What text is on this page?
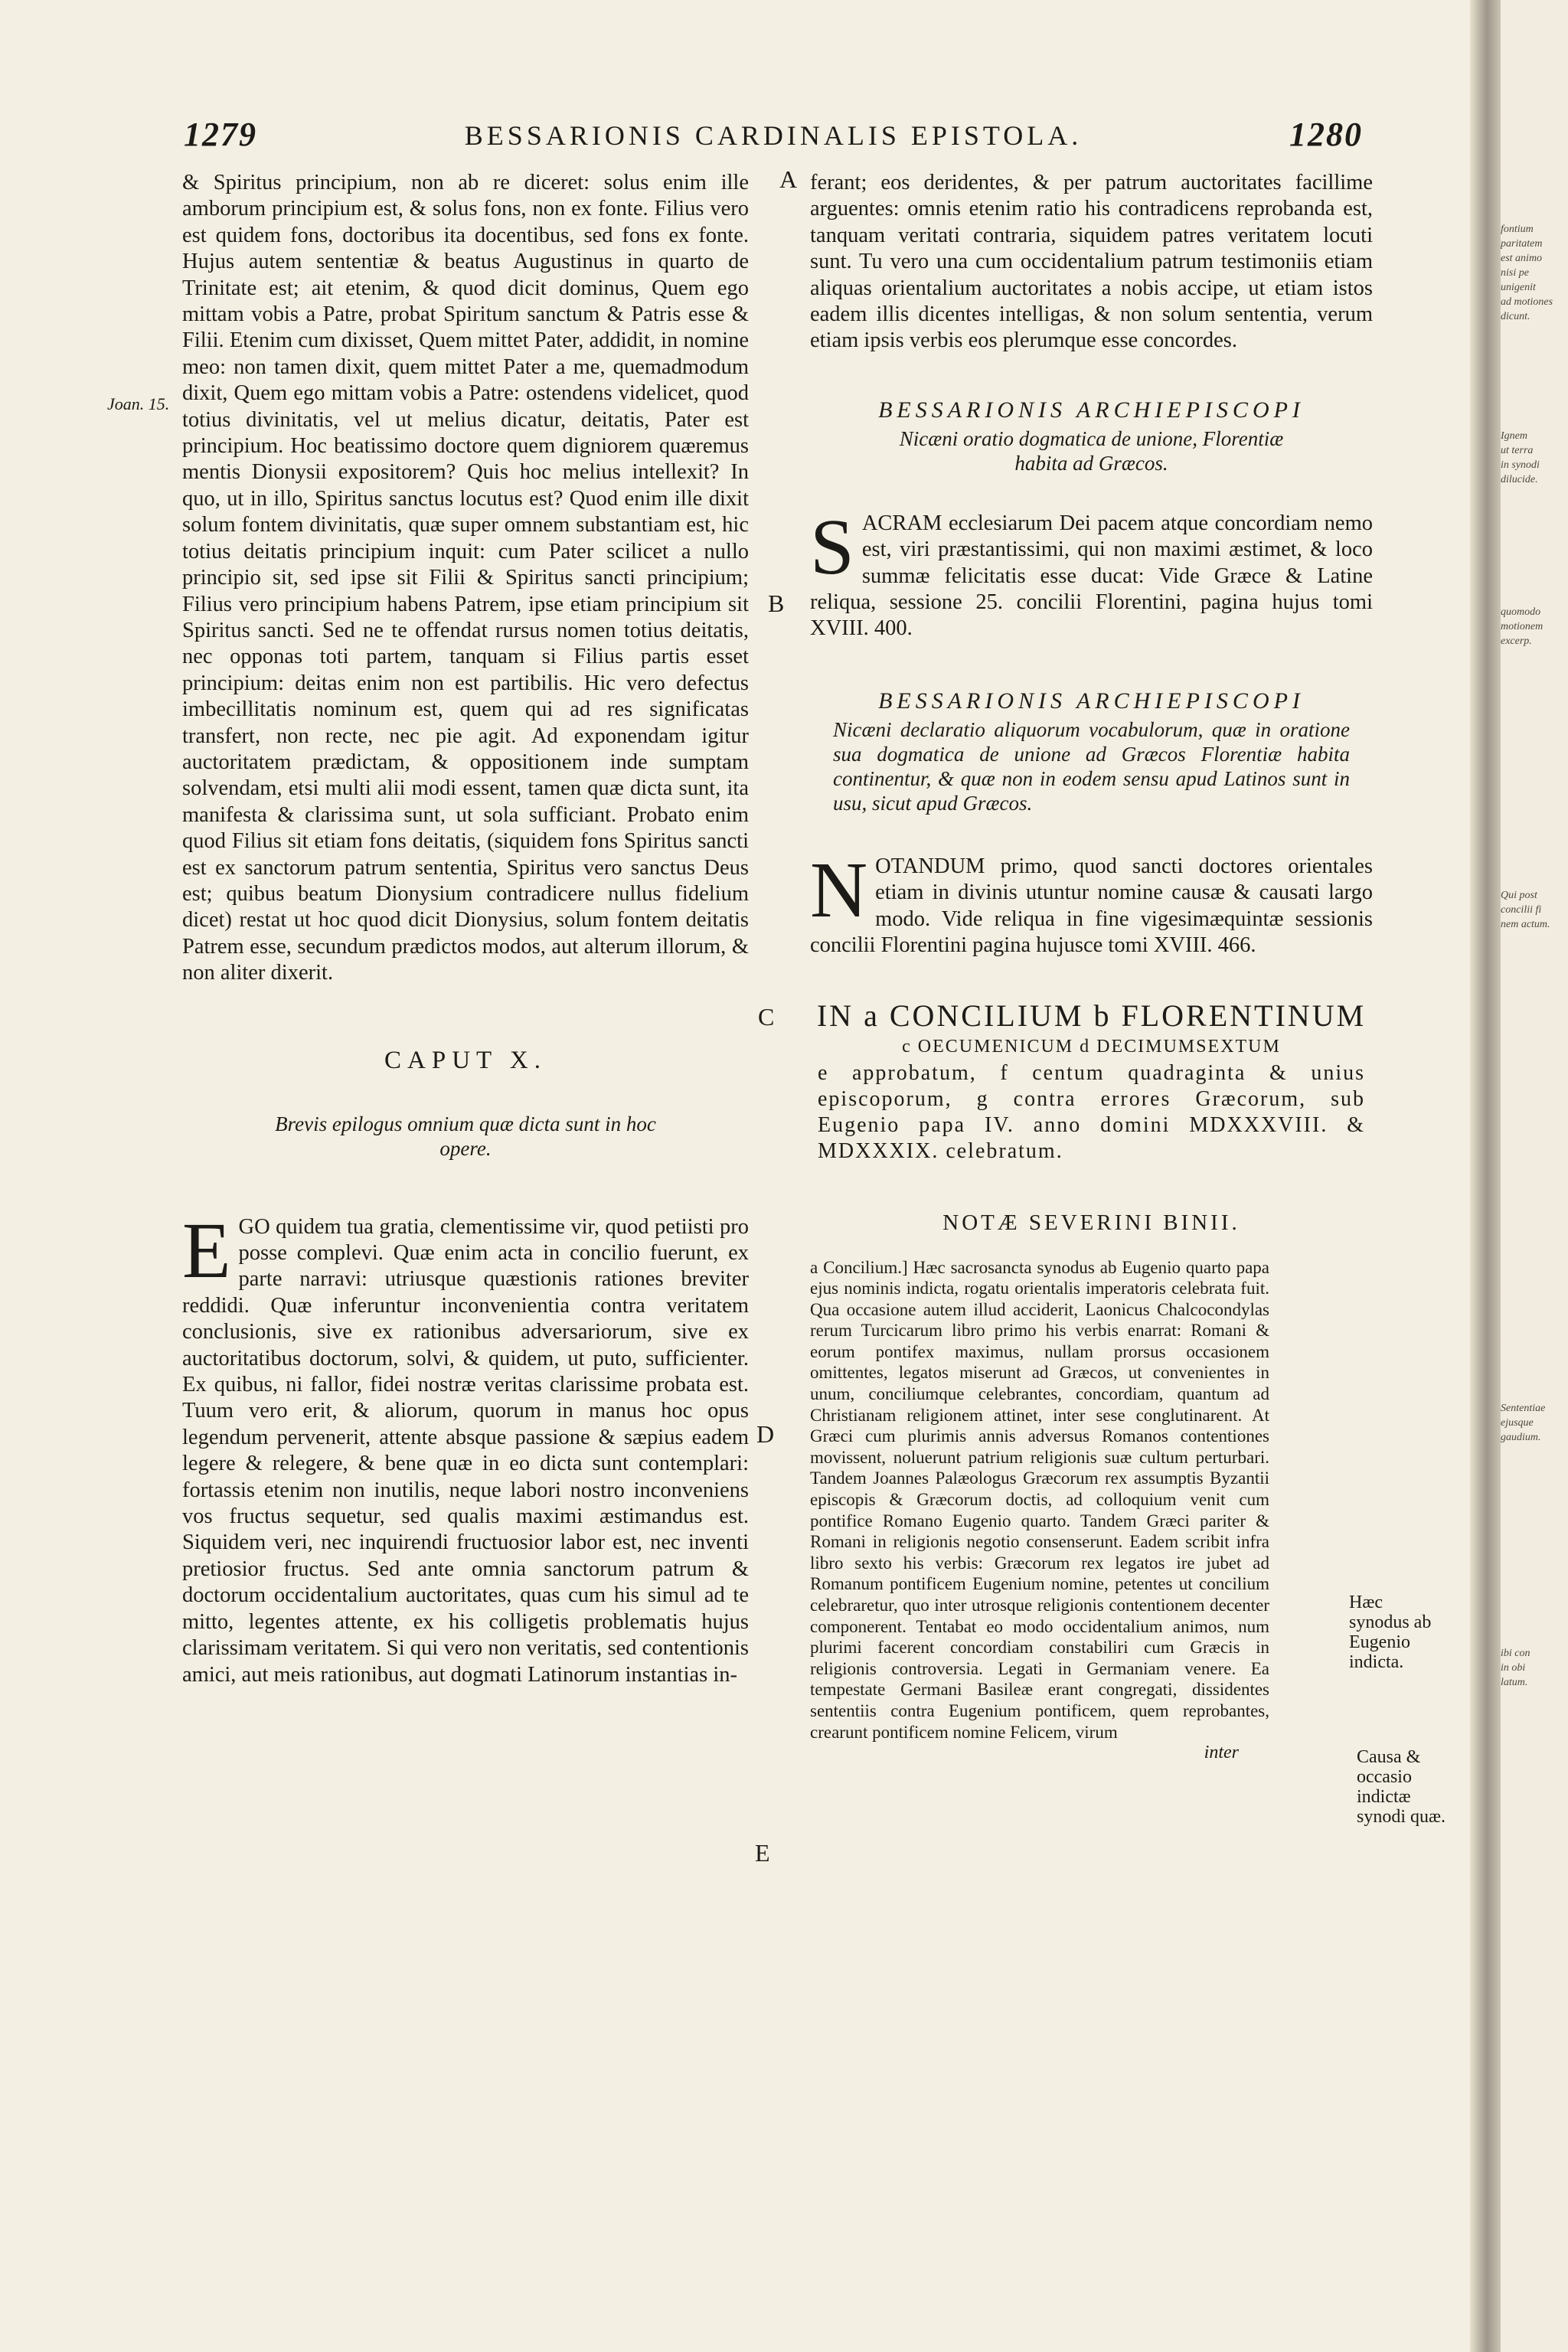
1279	BESSARIONIS CARDINALIS EPISTOLA.	1280
A
B
C
D
E
Joan. 15.

& Spiritus principium, non ab re diceret: solus enim ille amborum principium est, & solus fons, non ex fonte. Filius vero est quidem fons, doctoribus ita docentibus, sed fons ex fonte. Hujus autem sententiæ & beatus Augustinus in quarto de Trinitate est; ait etenim, & quod dicit dominus, Quem ego mittam vobis a Patre, probat Spiritum sanctum & Patris esse & Filii. Etenim cum dixisset, Quem mittet Pater, addidit, in nomine meo: non tamen dixit, quem mittet Pater a me, quemadmodum dixit, Quem ego mittam vobis a Patre: ostendens videlicet, quod totius divinitatis, vel ut melius dicatur, deitatis, Pater est principium. Hoc beatissimo doctore quem digniorem quæremus mentis Dionysii expositorem? Quis hoc melius intellexit? In quo, ut in illo, Spiritus sanctus locutus est? Quod enim ille dixit solum fontem divinitatis, quæ super omnem substantiam est, hic totius deitatis principium inquit: cum Pater scilicet a nullo principio sit, sed ipse sit Filii & Spiritus sancti principium; Filius vero principium habens Patrem, ipse etiam principium sit Spiritus sancti. Sed ne te offendat rursus nomen totius deitatis, nec opponas toti partem, tanquam si Filius partis esset principium: deitas enim non est partibilis. Hic vero defectus imbecillitatis nominum est, quem qui ad res significatas transfert, non recte, nec pie agit. Ad exponendam igitur auctoritatem prædictam, & oppositionem inde sumptam solvendam, etsi multi alii modi essent, tamen quæ dicta sunt, ita manifesta & clarissima sunt, ut sola sufficiant. Probato enim quod Filius sit etiam fons deitatis, (siquidem fons Spiritus sancti est ex sanctorum patrum sententia, Spiritus vero sanctus Deus est; quibus beatum Dionysium contradicere nullus fidelium dicet) restat ut hoc quod dicit Dionysius, solum fontem deitatis Patrem esse, secundum prædictos modos, aut alterum illorum, & non aliter dixerit.

CAPUT X.

Brevis epilogus omnium quæ dicta sunt in hoc opere.

EGO quidem tua gratia, clementissime vir, quod petiisti pro posse complevi. Quæ enim acta in concilio fuerunt, ex parte narravi: utriusque quæstionis rationes breviter reddidi. Quæ inferuntur inconvenientia contra veritatem conclusionis, sive ex rationibus adversariorum, sive ex auctoritatibus doctorum, solvi, & quidem, ut puto, sufficienter. Ex quibus, ni fallor, fidei nostræ veritas clarissime probata est. Tuum vero erit, & aliorum, quorum in manus hoc opus legendum pervenerit, attente absque passione & sæpius eadem legere & relegere, & bene quæ in eo dicta sunt contemplari: fortassis etenim non inutilis, neque labori nostro inconveniens vos fructus sequetur, sed qualis maximi æstimandus est. Siquidem veri, nec inquirendi fructuosior labor est, nec inventi pretiosior fructus. Sed ante omnia sanctorum patrum & doctorum occidentalium auctoritates, quas cum his simul ad te mitto, legentes attente, ex his colligetis problematis hujus clarissimam veritatem. Si qui vero non veritatis, sed contentionis amici, aut meis rationibus, aut dogmati Latinorum instantias in-

ferant; eos deridentes, & per patrum auctoritates facillime arguentes: omnis etenim ratio his contradicens reprobanda est, tanquam veritati contraria, siquidem patres veritatem locuti sunt. Tu vero una cum occidentalium patrum testimoniis etiam aliquas orientalium auctoritates a nobis accipe, ut etiam istos eadem illis dicentes intelligas, & non solum sententia, verum etiam ipsis verbis eos plerumque esse concordes.

BESSARIONIS ARCHIEPISCOPI

Nicæni oratio dogmatica de unione, Florentiæ habita ad Græcos.

SACRAM ecclesiarum Dei pacem atque concordiam nemo est, viri præstantissimi, qui non maximi æstimet, & loco summæ felicitatis esse ducat: Vide Græce & Latine reliqua, sessione 25. concilii Florentini, pagina hujus tomi XVIII. 400.

BESSARIONIS ARCHIEPISCOPI

Nicæni declaratio aliquorum vocabulorum, quæ in oratione sua dogmatica de unione ad Græcos Florentiæ habita continentur, & quæ non in eodem sensu apud Latinos sunt in usu, sicut apud Græcos.

NOTANDUM primo, quod sancti doctores orientales etiam in divinis utuntur nomine causæ & causati largo modo. Vide reliqua in fine vigesimæquintæ sessionis concilii Florentini pagina hujusce tomi XVIII. 466.

IN a CONCILIUM b FLORENTINUM

c OECUMENICUM d DECIMUMSEXTUM

e approbatum, f centum quadraginta & unius episcoporum, g contra errores Græcorum, sub Eugenio papa IV. anno domini MDXXXVIII. & MDXXXIX. celebratum.

NOTÆ SEVERINI BINII.

a Concilium.] Hæc sacrosancta synodus ab Eugenio quarto papa ejus nominis indicta, rogatu orientalis imperatoris celebrata fuit. Qua occasione autem illud acciderit, Laonicus Chalcocondylas rerum Turcicarum libro primo his verbis enarrat: Romani & eorum pontifex maximus, nullam prorsus occasionem omittentes, legatos miserunt ad Græcos, ut convenientes in unum, conciliumque celebrantes, concordiam, quantum ad Christianam religionem attinet, inter sese conglutinarent. At Græci cum plurimis annis adversus Romanos contentiones movissent, noluerunt patrium religionis suæ cultum perturbari. Tandem Joannes Palæologus Græcorum rex assumptis Byzantii episcopis & Græcorum doctis, ad colloquium venit cum pontifice Romano Eugenio quarto. Tandem Græci pariter & Romani in religionis negotio consenserunt. Eadem scribit infra libro sexto his verbis: Græcorum rex legatos ire jubet ad Romanum pontificem Eugenium nomine, petentes ut concilium celebraretur, quo inter utrosque religionis contentionem decenter componerent. Tentabat eo modo occidentalium animos, num plurimi facerent concordiam constabiliri cum Græcis in religionis controversia. Legati in Germaniam venere. Ea tempestate Germani Basileæ erant congregati, dissidentes sententiis contra Eugenium pontificem, quem reprobantes, crearunt pontificem nomine Felicem, virum

inter
Hæc synodus ab Eugenio indicta.
Causa & occasio indictæ synodi quæ.
fontium
paritatem
est animo
nisi pe
unigenit
ad motiones
dicunt.
Ignem
ut terra
in synodi
dilucide.
quomodo
motionem
excerp.
Qui post
concilii fi
nem actum.
Sententiae
ejusque
gaudium.
ibi con
in obi
latum.
